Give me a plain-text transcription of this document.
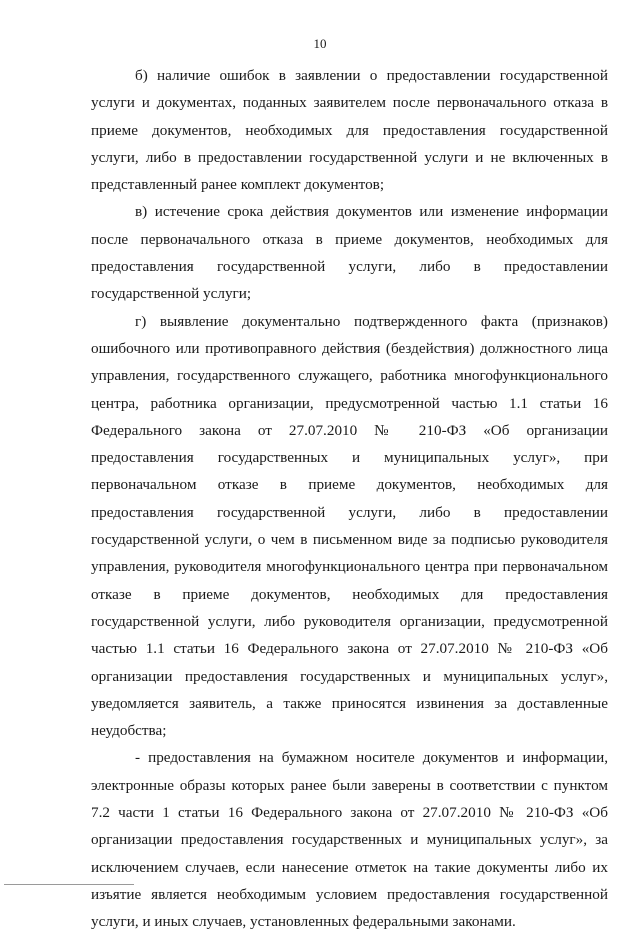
10

б) наличие ошибок в заявлении о предоставлении государственной услуги и документах, поданных заявителем после первоначального отказа в приеме документов, необходимых для предоставления государственной услуги, либо в предоставлении государственной услуги и не включенных в представленный ранее комплект документов;

в) истечение срока действия документов или изменение информации после первоначального отказа в приеме документов, необходимых для предоставления государственной услуги, либо в предоставлении государственной услуги;

г) выявление документально подтвержденного факта (признаков) ошибочного или противоправного действия (бездействия) должностного лица управления, государственного служащего, работника многофункционального центра, работника организации, предусмотренной частью 1.1 статьи 16 Федерального закона от 27.07.2010 № 210-ФЗ «Об организации предоставления государственных и муниципальных услуг», при первоначальном отказе в приеме документов, необходимых для предоставления государственной услуги, либо в предоставлении государственной услуги, о чем в письменном виде за подписью руководителя управления, руководителя многофункционального центра при первоначальном отказе в приеме документов, необходимых для предоставления государственной услуги, либо руководителя организации, предусмотренной частью 1.1 статьи 16 Федерального закона от 27.07.2010 № 210-ФЗ «Об организации предоставления государственных и муниципальных услуг», уведомляется заявитель, а также приносятся извинения за доставленные неудобства;

- предоставления на бумажном носителе документов и информации, электронные образы которых ранее были заверены в соответствии с пунктом 7.2 части 1 статьи 16 Федерального закона от 27.07.2010 № 210-ФЗ «Об организации предоставления государственных и муниципальных услуг», за исключением случаев, если нанесение отметок на такие документы либо их изъятие является необходимым условием предоставления государственной услуги, и иных случаев, установленных федеральными законами.
